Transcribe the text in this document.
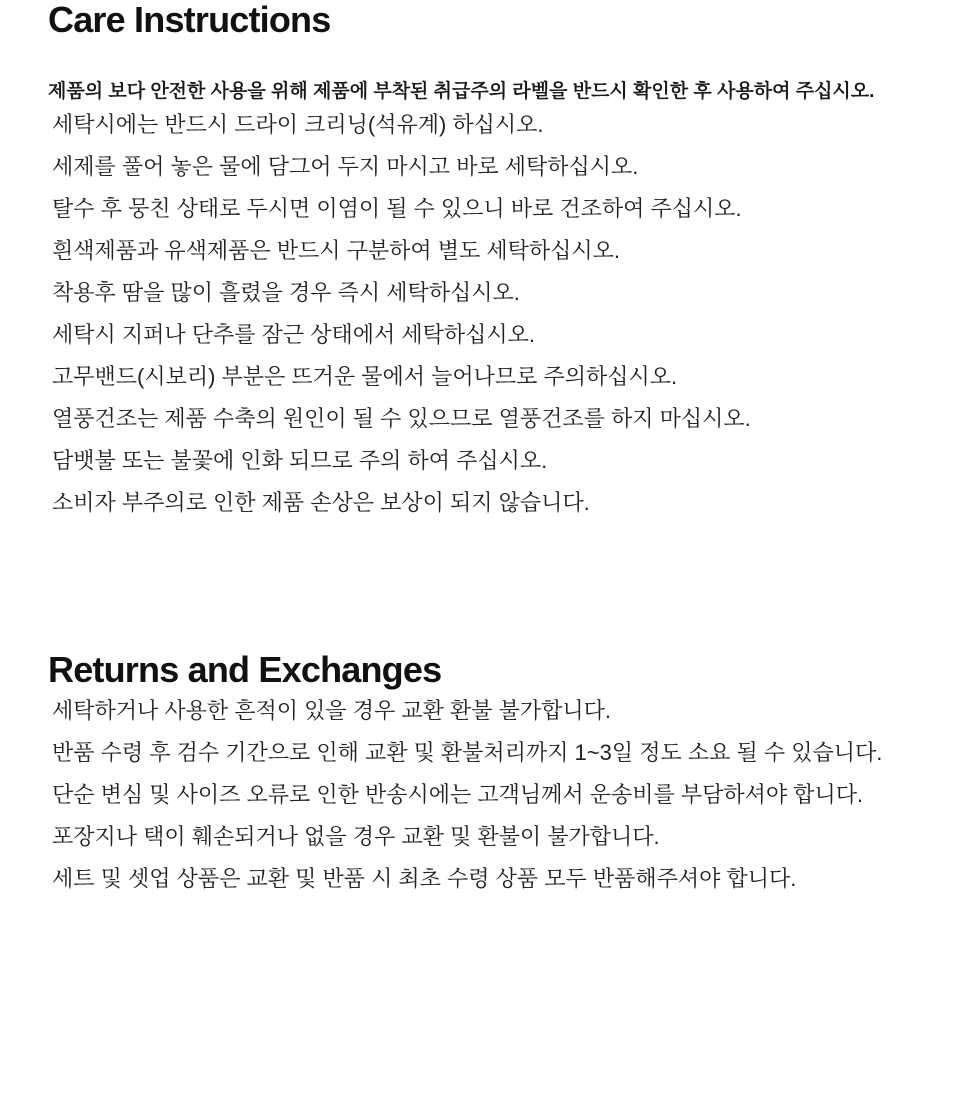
Care Instructions

제품의 보다 안전한 사용을 위해 제품에 부착된 취급주의 라벨을 반드시 확인한 후 사용하여 주십시오.

세탁시에는 반드시 드라이 크리닝(석유계) 하십시오.
세제를 풀어 놓은 물에 담그어 두지 마시고 바로 세탁하십시오.
탈수 후 뭉친 상태로 두시면 이염이 될 수 있으니 바로 건조하여 주십시오.
흰색제품과 유색제품은 반드시 구분하여 별도 세탁하십시오.
착용후 땀을 많이 흘렸을 경우 즉시 세탁하십시오.
세탁시 지퍼나 단추를 잠근 상태에서 세탁하십시오.
고무밴드(시보리) 부분은 뜨거운 물에서 늘어나므로 주의하십시오.
열풍건조는 제품 수축의 원인이 될 수 있으므로 열풍건조를 하지 마십시오.
담뱃불 또는 불꽃에 인화 되므로 주의 하여 주십시오.
소비자 부주의로 인한 제품 손상은 보상이 되지 않습니다.
Returns and Exchanges
세탁하거나 사용한 흔적이 있을 경우 교환 환불 불가합니다.
반품 수령 후 검수 기간으로 인해 교환 및 환불처리까지 1~3일 정도 소요 될 수 있습니다.
단순 변심 및 사이즈 오류로 인한 반송시에는 고객님께서 운송비를 부담하셔야 합니다.
포장지나 택이 훼손되거나 없을 경우 교환 및 환불이 불가합니다.
세트 및 셋업 상품은 교환 및 반품 시 최초 수령 상품 모두 반품해주셔야 합니다.
